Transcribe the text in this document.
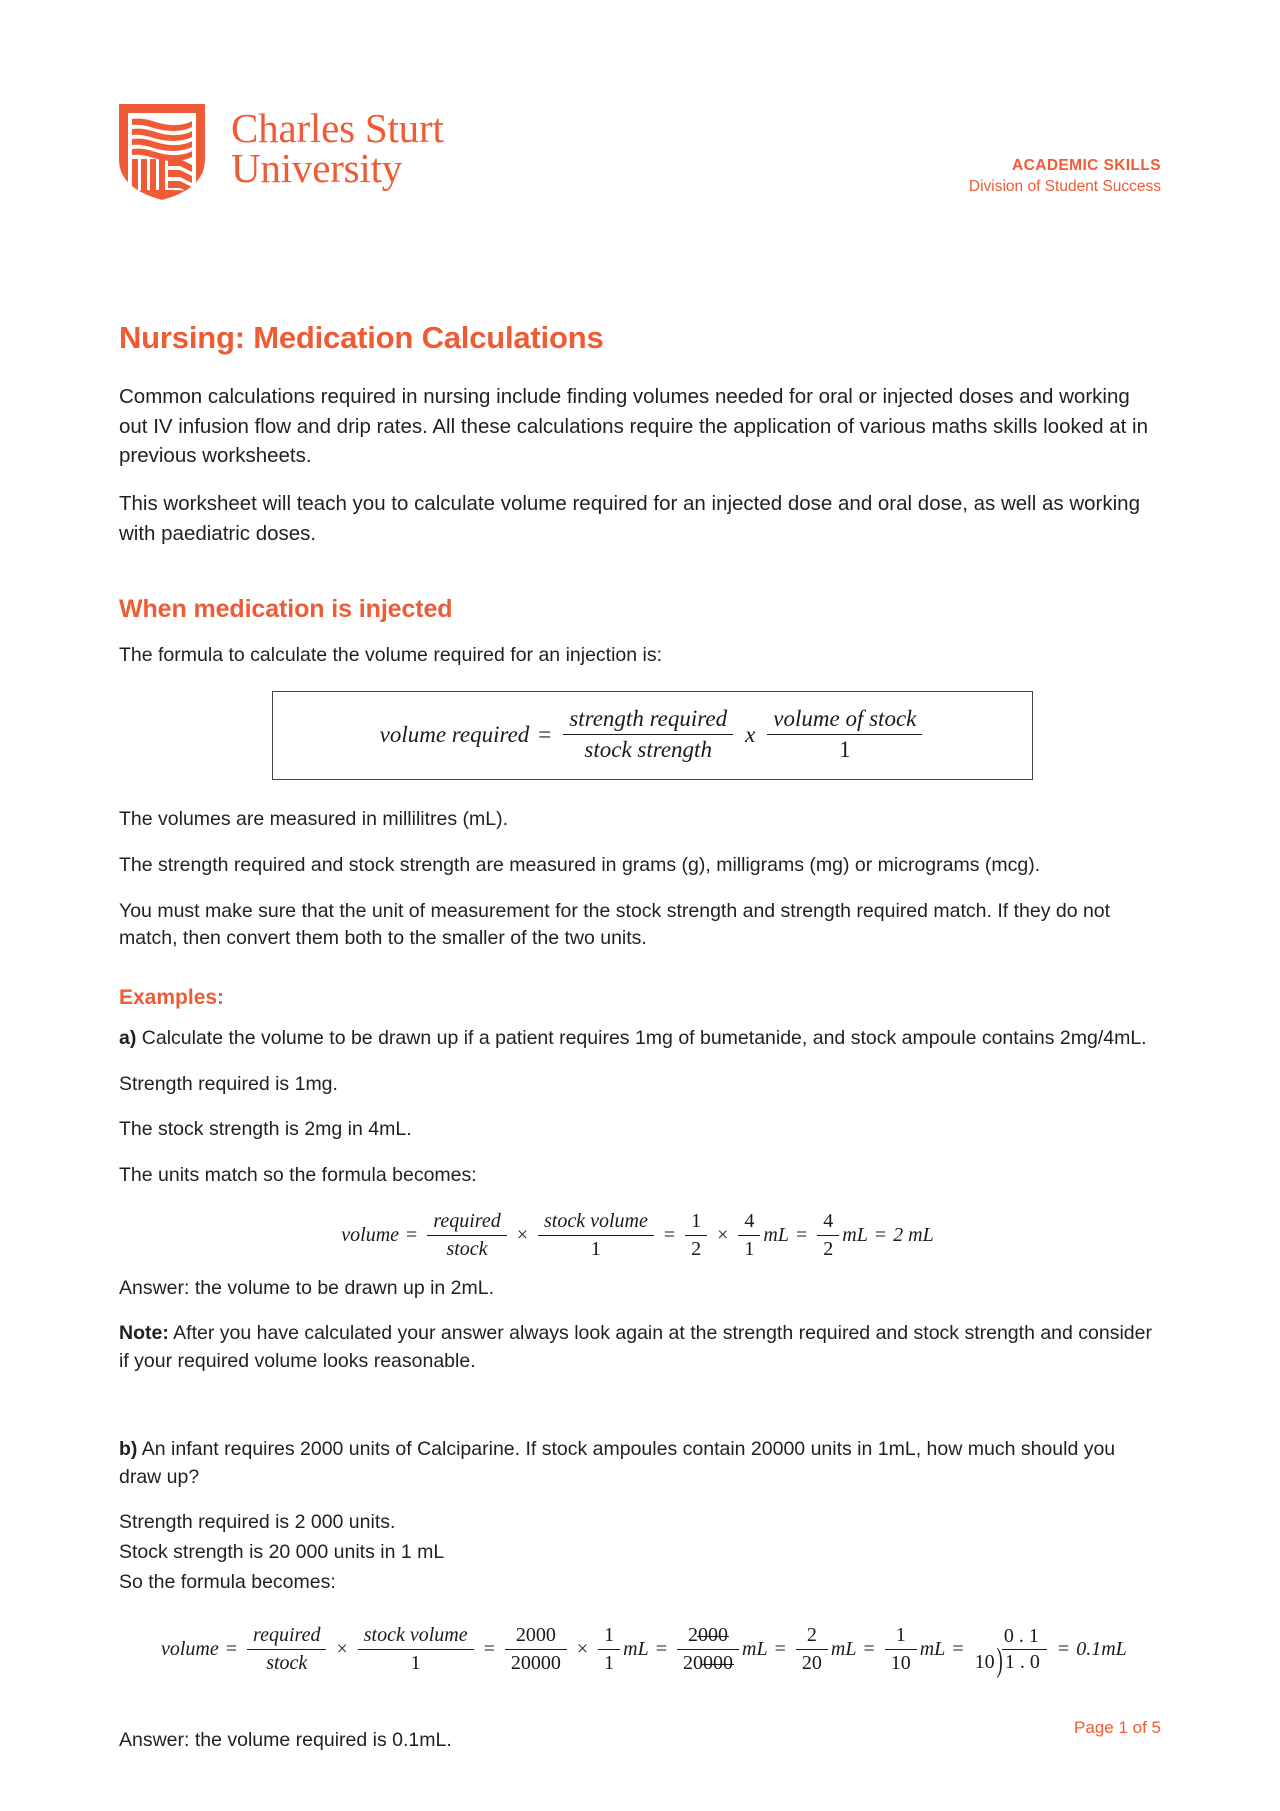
Charles Sturt
University	ACADEMIC SKILLS
Division of Student Success
Nursing: Medication Calculations

Common calculations required in nursing include finding volumes needed for oral or injected doses and working out IV infusion flow and drip rates. All these calculations require the application of various maths skills looked at in previous worksheets.

This worksheet will teach you to calculate volume required for an injected dose and oral dose, as well as working with paediatric doses.

When medication is injected

The formula to calculate the volume required for an injection is:

volume required = $\frac{\text{strength required}}{\text{stock strength}}$ x $\frac{\text{volume of stock}}{1}$

The volumes are measured in millilitres (mL).

The strength required and stock strength are measured in grams (g), milligrams (mg) or micrograms (mcg).

You must make sure that the unit of measurement for the stock strength and strength required match. If they do not match, then convert them both to the smaller of the two units.

Examples:

a) Calculate the volume to be drawn up if a patient requires 1mg of bumetanide, and stock ampoule contains 2mg/4mL.

Strength required is 1mg.

The stock strength is 2mg in 4mL.

The units match so the formula becomes:

volume = $\frac{\text{required}}{\text{stock}} \times \frac{\text{stock volume}}{1} = \frac{1}{2} \times \frac{4}{1}$ mL = $\frac{4}{2}$ mL = 2 mL

Answer: the volume to be drawn up in 2mL.

Note: After you have calculated your answer always look again at the strength required and stock strength and consider if your required volume looks reasonable.

b) An infant requires 2000 units of Calciparine. If stock ampoules contain 20000 units in 1mL, how much should you draw up?

Strength required is 2 000 units.

Stock strength is 20 000 units in 1 mL

So the formula becomes:

volume = $\frac{\text{required}}{\text{stock}} \times \frac{\text{stock volume}}{1} = \frac{2000}{20000} \times \frac{1}{1}$ mL = $\frac{2000}{20000}$ mL = $\frac{2}{20}$ mL = $\frac{1}{10}$ mL =
10 )
0 . 1
1 . 0
= 0.1mL

Answer: the volume required is 0.1mL.

Page 1 of 5
